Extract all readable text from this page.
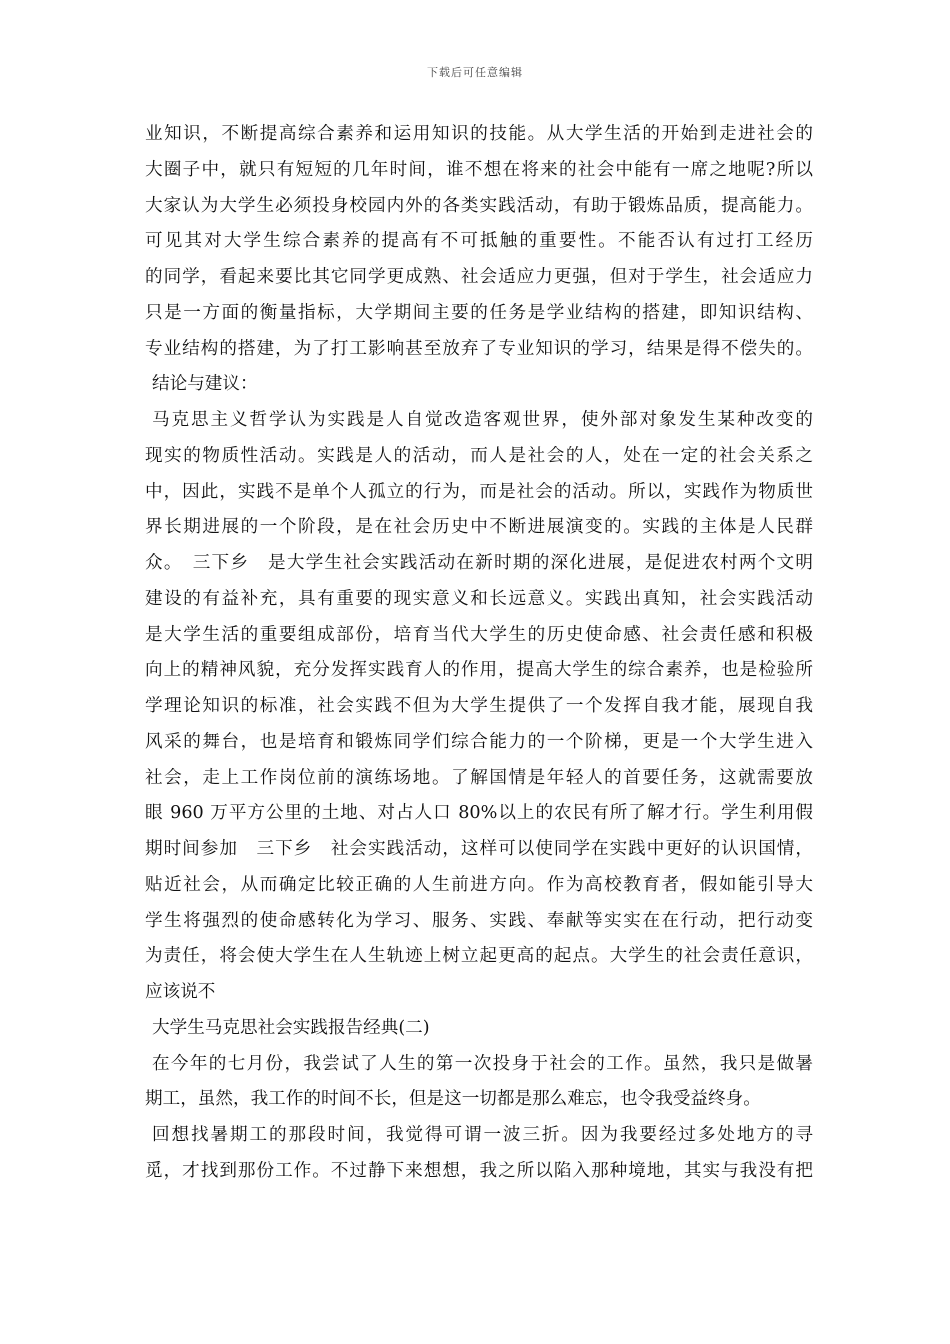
下载后可任意编辑
业知识，不断提高综合素养和运用知识的技能。从大学生活的开始到走进社会的
大圈子中，就只有短短的几年时间，谁不想在将来的社会中能有一席之地呢?所以
大家认为大学生必须投身校园内外的各类实践活动，有助于锻炼品质，提高能力。
可见其对大学生综合素养的提高有不可抵触的重要性。不能否认有过打工经历
的同学，看起来要比其它同学更成熟、社会适应力更强，但对于学生，社会适应力
只是一方面的衡量指标，大学期间主要的任务是学业结构的搭建，即知识结构、
专业结构的搭建，为了打工影响甚至放弃了专业知识的学习，结果是得不偿失的。
结论与建议：
马克思主义哲学认为实践是人自觉改造客观世界，使外部对象发生某种改变的
现实的物质性活动。实践是人的活动，而人是社会的人，处在一定的社会关系之
中，因此，实践不是单个人孤立的行为，而是社会的活动。所以，实践作为物质世
界长期进展的一个阶段，是在社会历史中不断进展演变的。实践的主体是人民群
众。　三下乡　是大学生社会实践活动在新时期的深化进展，是促进农村两个文明
建设的有益补充，具有重要的现实意义和长远意义。实践出真知，社会实践活动
是大学生活的重要组成部份，培育当代大学生的历史使命感、社会责任感和积极
向上的精神风貌，充分发挥实践育人的作用，提高大学生的综合素养，也是检验所
学理论知识的标准，社会实践不但为大学生提供了一个发挥自我才能，展现自我
风采的舞台，也是培育和锻炼同学们综合能力的一个阶梯，更是一个大学生进入
社会，走上工作岗位前的演练场地。了解国情是年轻人的首要任务，这就需要放
眼 960 万平方公里的土地、对占人口 80%以上的农民有所了解才行。学生利用假
期时间参加　三下乡　社会实践活动，这样可以使同学在实践中更好的认识国情，
贴近社会，从而确定比较正确的人生前进方向。作为高校教育者，假如能引导大
学生将强烈的使命感转化为学习、服务、实践、奉献等实实在在行动，把行动变
为责任，将会使大学生在人生轨迹上树立起更高的起点。大学生的社会责任意识，
应该说不
大学生马克思社会实践报告经典(二)
在今年的七月份，我尝试了人生的第一次投身于社会的工作。虽然，我只是做暑
期工，虽然，我工作的时间不长，但是这一切都是那么难忘，也令我受益终身。
回想找暑期工的那段时间，我觉得可谓一波三折。因为我要经过多处地方的寻
觅，才找到那份工作。不过静下来想想，我之所以陷入那种境地，其实与我没有把
